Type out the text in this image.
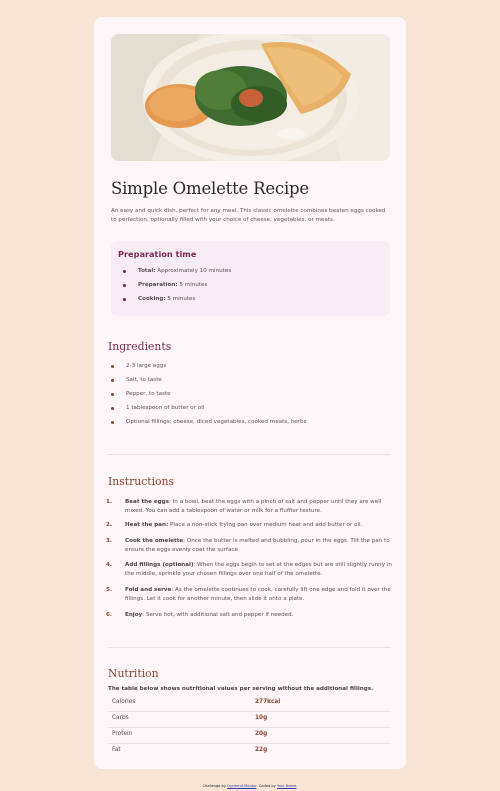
Simple Omelette Recipe

An easy and quick dish, perfect for any meal. This classic omelette combines beaten eggs cooked to perfection, optionally filled with your choice of cheese, vegetables, or meats.

Preparation time
Total: Approximately 10 minutes
Preparation: 5 minutes
Cooking: 5 minutes
Ingredients
2-3 large eggs
Salt, to taste
Pepper, to taste
1 tablespoon of butter or oil
Optional fillings: cheese, diced vegetables, cooked meats, herbs
Instructions
1. Beat the eggs: In a bowl, beat the eggs with a pinch of salt and pepper until they are well mixed. You can add a tablespoon of water or milk for a fluffier texture.
2. Heat the pan: Place a non-stick frying pan over medium heat and add butter or oil.
3. Cook the omelette: Once the butter is melted and bubbling, pour in the eggs. Tilt the pan to ensure the eggs evenly coat the surface.
4. Add fillings (optional): When the eggs begin to set at the edges but are still slightly runny in the middle, sprinkle your chosen fillings over one half of the omelette.
5. Fold and serve: As the omelette continues to cook, carefully lift one edge and fold it over the fillings. Let it cook for another minute, then slide it onto a plate.
6. Enjoy: Serve hot, with additional salt and pepper if needed.
Nutrition

The table below shows nutritional values per serving without the additional fillings.

Calories	277kcal
Carbs	10g
Protein	20g
Fat	22g
Challenge by Frontend Mentor. Coded by Your Name.
